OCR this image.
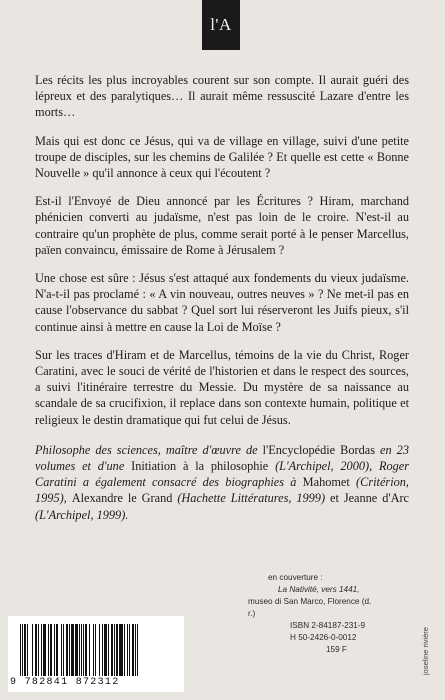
l'A

Les récits les plus incroyables courent sur son compte. Il aurait guéri des lépreux et des paralytiques… Il aurait même ressuscité Lazare d'entre les morts…

Mais qui est donc ce Jésus, qui va de village en village, suivi d'une petite troupe de disciples, sur les chemins de Galilée ? Et quelle est cette « Bonne Nouvelle » qu'il annonce à ceux qui l'écoutent ?

Est-il l'Envoyé de Dieu annoncé par les Écritures ? Hiram, marchand phénicien converti au judaïsme, n'est pas loin de le croire. N'est-il au contraire qu'un prophète de plus, comme serait porté à le penser Marcellus, païen convaincu, émissaire de Rome à Jérusalem ?

Une chose est sûre : Jésus s'est attaqué aux fondements du vieux judaïsme. N'a-t-il pas proclamé : « A vin nouveau, outres neuves » ? Ne met-il pas en cause l'observance du sabbat ? Quel sort lui réserveront les Juifs pieux, s'il continue ainsi à mettre en cause la Loi de Moïse ?

Sur les traces d'Hiram et de Marcellus, témoins de la vie du Christ, Roger Caratini, avec le souci de vérité de l'historien et dans le respect des sources, a suivi l'itinéraire terrestre du Messie. Du mystère de sa naissance au scandale de sa crucifixion, il replace dans son contexte humain, politique et religieux le destin dramatique qui fut celui de Jésus.

Philosophe des sciences, maître d'œuvre de l'Encyclopédie Bordas en 23 volumes et d'une Initiation à la philosophie (L'Archipel, 2000), Roger Caratini a également consacré des biographies à Mahomet (Critérion, 1995), Alexandre le Grand (Hachette Littératures, 1999) et Jeanne d'Arc (L'Archipel, 1999).

en couverture :
La Nativité, vers 1441,
museo di San Marco, Florence (d. r.)
ISBN 2-84187-231-9
H 50-2426-0-0012
159 F	joseline rivière
9 782841 872312
